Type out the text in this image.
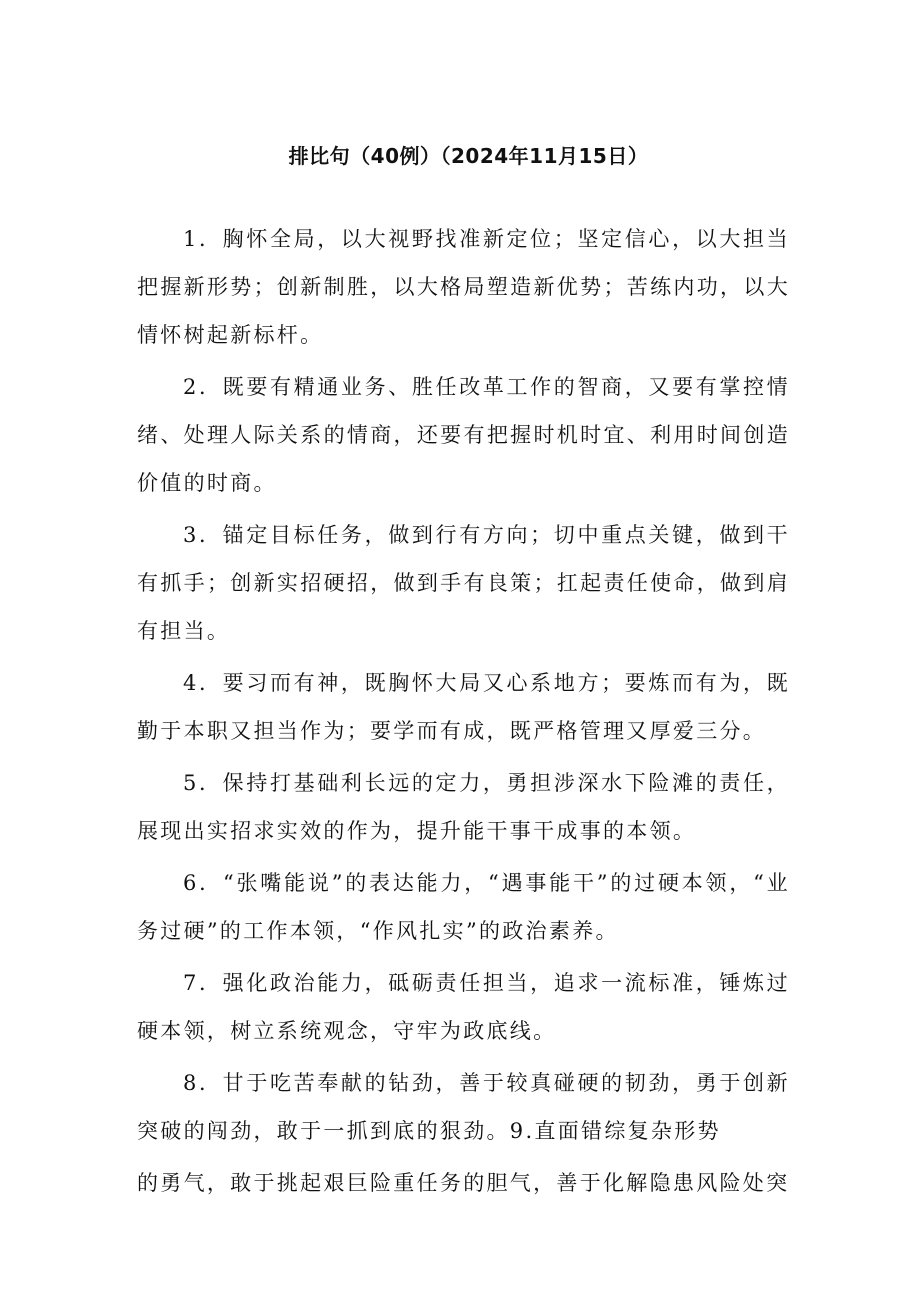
排比句（40例）（2024年11月15日）

1．胸怀全局，以大视野找准新定位；坚定信心，以大担当把握新形势；创新制胜，以大格局塑造新优势；苦练内功，以大情怀树起新标杆。

2．既要有精通业务、胜任改革工作的智商，又要有掌控情绪、处理人际关系的情商，还要有把握时机时宜、利用时间创造价值的时商。

3．锚定目标任务，做到行有方向；切中重点关键，做到干有抓手；创新实招硬招，做到手有良策；扛起责任使命，做到肩有担当。

4．要习而有神，既胸怀大局又心系地方；要炼而有为，既勤于本职又担当作为；要学而有成，既严格管理又厚爱三分。

5．保持打基础利长远的定力，勇担涉深水下险滩的责任，展现出实招求实效的作为，提升能干事干成事的本领。

6．“张嘴能说”的表达能力，“遇事能干”的过硬本领，“业务过硬”的工作本领，“作风扎实”的政治素养。

7．强化政治能力，砥砺责任担当，追求一流标准，锤炼过硬本领，树立系统观念，守牢为政底线。

8．甘于吃苦奉献的钻劲，善于较真碰硬的韧劲，勇于创新突破的闯劲，敢于一抓到底的狠劲。9.直面错综复杂形势

的勇气，敢于挑起艰巨险重任务的胆气，善于化解隐患风险处突
